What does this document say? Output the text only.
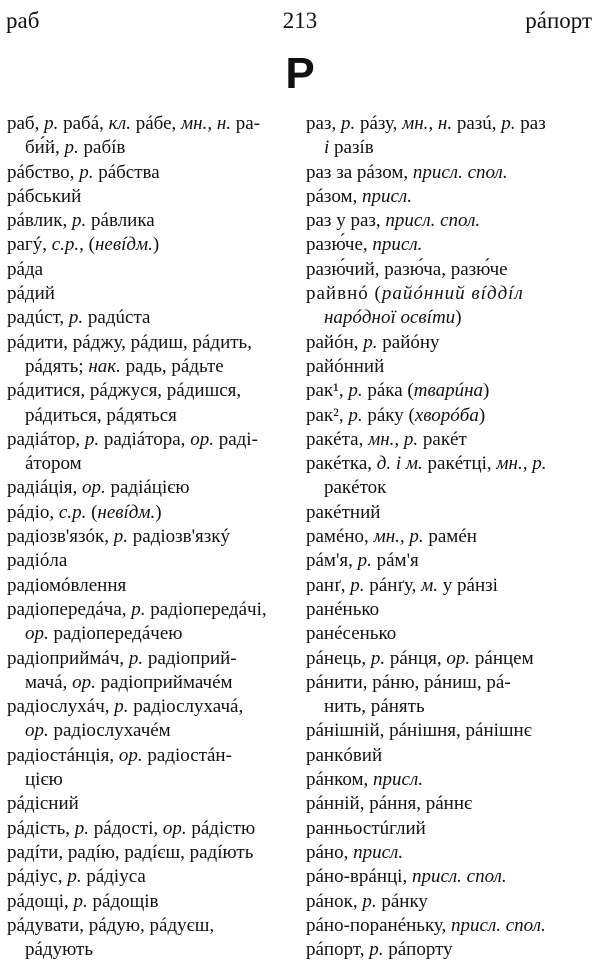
раб	213	рáпорт
Р
раб, р. рабá, кл. рáбе, мн., н. ра-
би́й, р. рабíв
рáбство, р. рáбства
рáбський
рáвлик, р. рáвлика
рагý, с.р., (невíдм.)
рáда
рáдий
радúст, р. радúста
рáдити, рáджу, рáдиш, рáдить,
рáдять; нак. радь, рáдьте
рáдитися, рáджуся, рáдишся,
рáдиться, рáдяться
радіáтор, р. радіáтора, ор. раді-
áтором
радіáція, ор. радіáцією
рáдіо, с.р. (невíдм.)
радіозв'язóк, р. радіозв'язкý
радіóла
радіомóвлення
радіопередáча, р. радіопередáчі,
ор. радіопередáчею
радіоприймáч, р. радіоприй-
мачá, ор. радіоприймачéм
радіослухáч, р. радіослухачá,
ор. радіослухачéм
радіостáнція, ор. радіостáн-
цією
рáдісний
рáдість, р. рáдості, ор. рáдістю
радíти, радíю, радíєш, радíють
рáдіус, р. рáдіуса
рáдощі, р. рáдощів
рáдувати, рáдую, рáдуєш,
рáдують
раз, р. рáзу, мн., н. разú, р. раз
і разíв
раз за рáзом, присл. спол.
рáзом, присл.
раз у раз, присл. спол.
разю́че, присл.
разю́чий, разю́ча, разю́че
райвнó (райóнний вíддíл
нарóдної освíти)
райóн, р. райóну
райóнний
рак¹, р. рáка (тварúна)
рак², р. рáку (хворóба)
ракéта, мн., р. ракéт
ракéтка, д. і м. ракéтці, мн., р.
ракéток
ракéтний
рамéно, мн., р. рамéн
рáм'я, р. рáм'я
ранґ, р. рáнґу, м. у рáнзі
ранéнько
ранéсенько
рáнець, р. рáнця, ор. рáнцем
рáнити, рáню, рáниш, рá-
нить, рáнять
рáнішній, рáнішня, рáнішнє
ранкóвий
рáнком, присл.
рáнній, рáння, рáннє
ранньостúглий
рáно, присл.
рáно-врáнці, присл. спол.
рáнок, р. рáнку
рáно-поранéньку, присл. спол.
рáпорт, р. рáпорту
